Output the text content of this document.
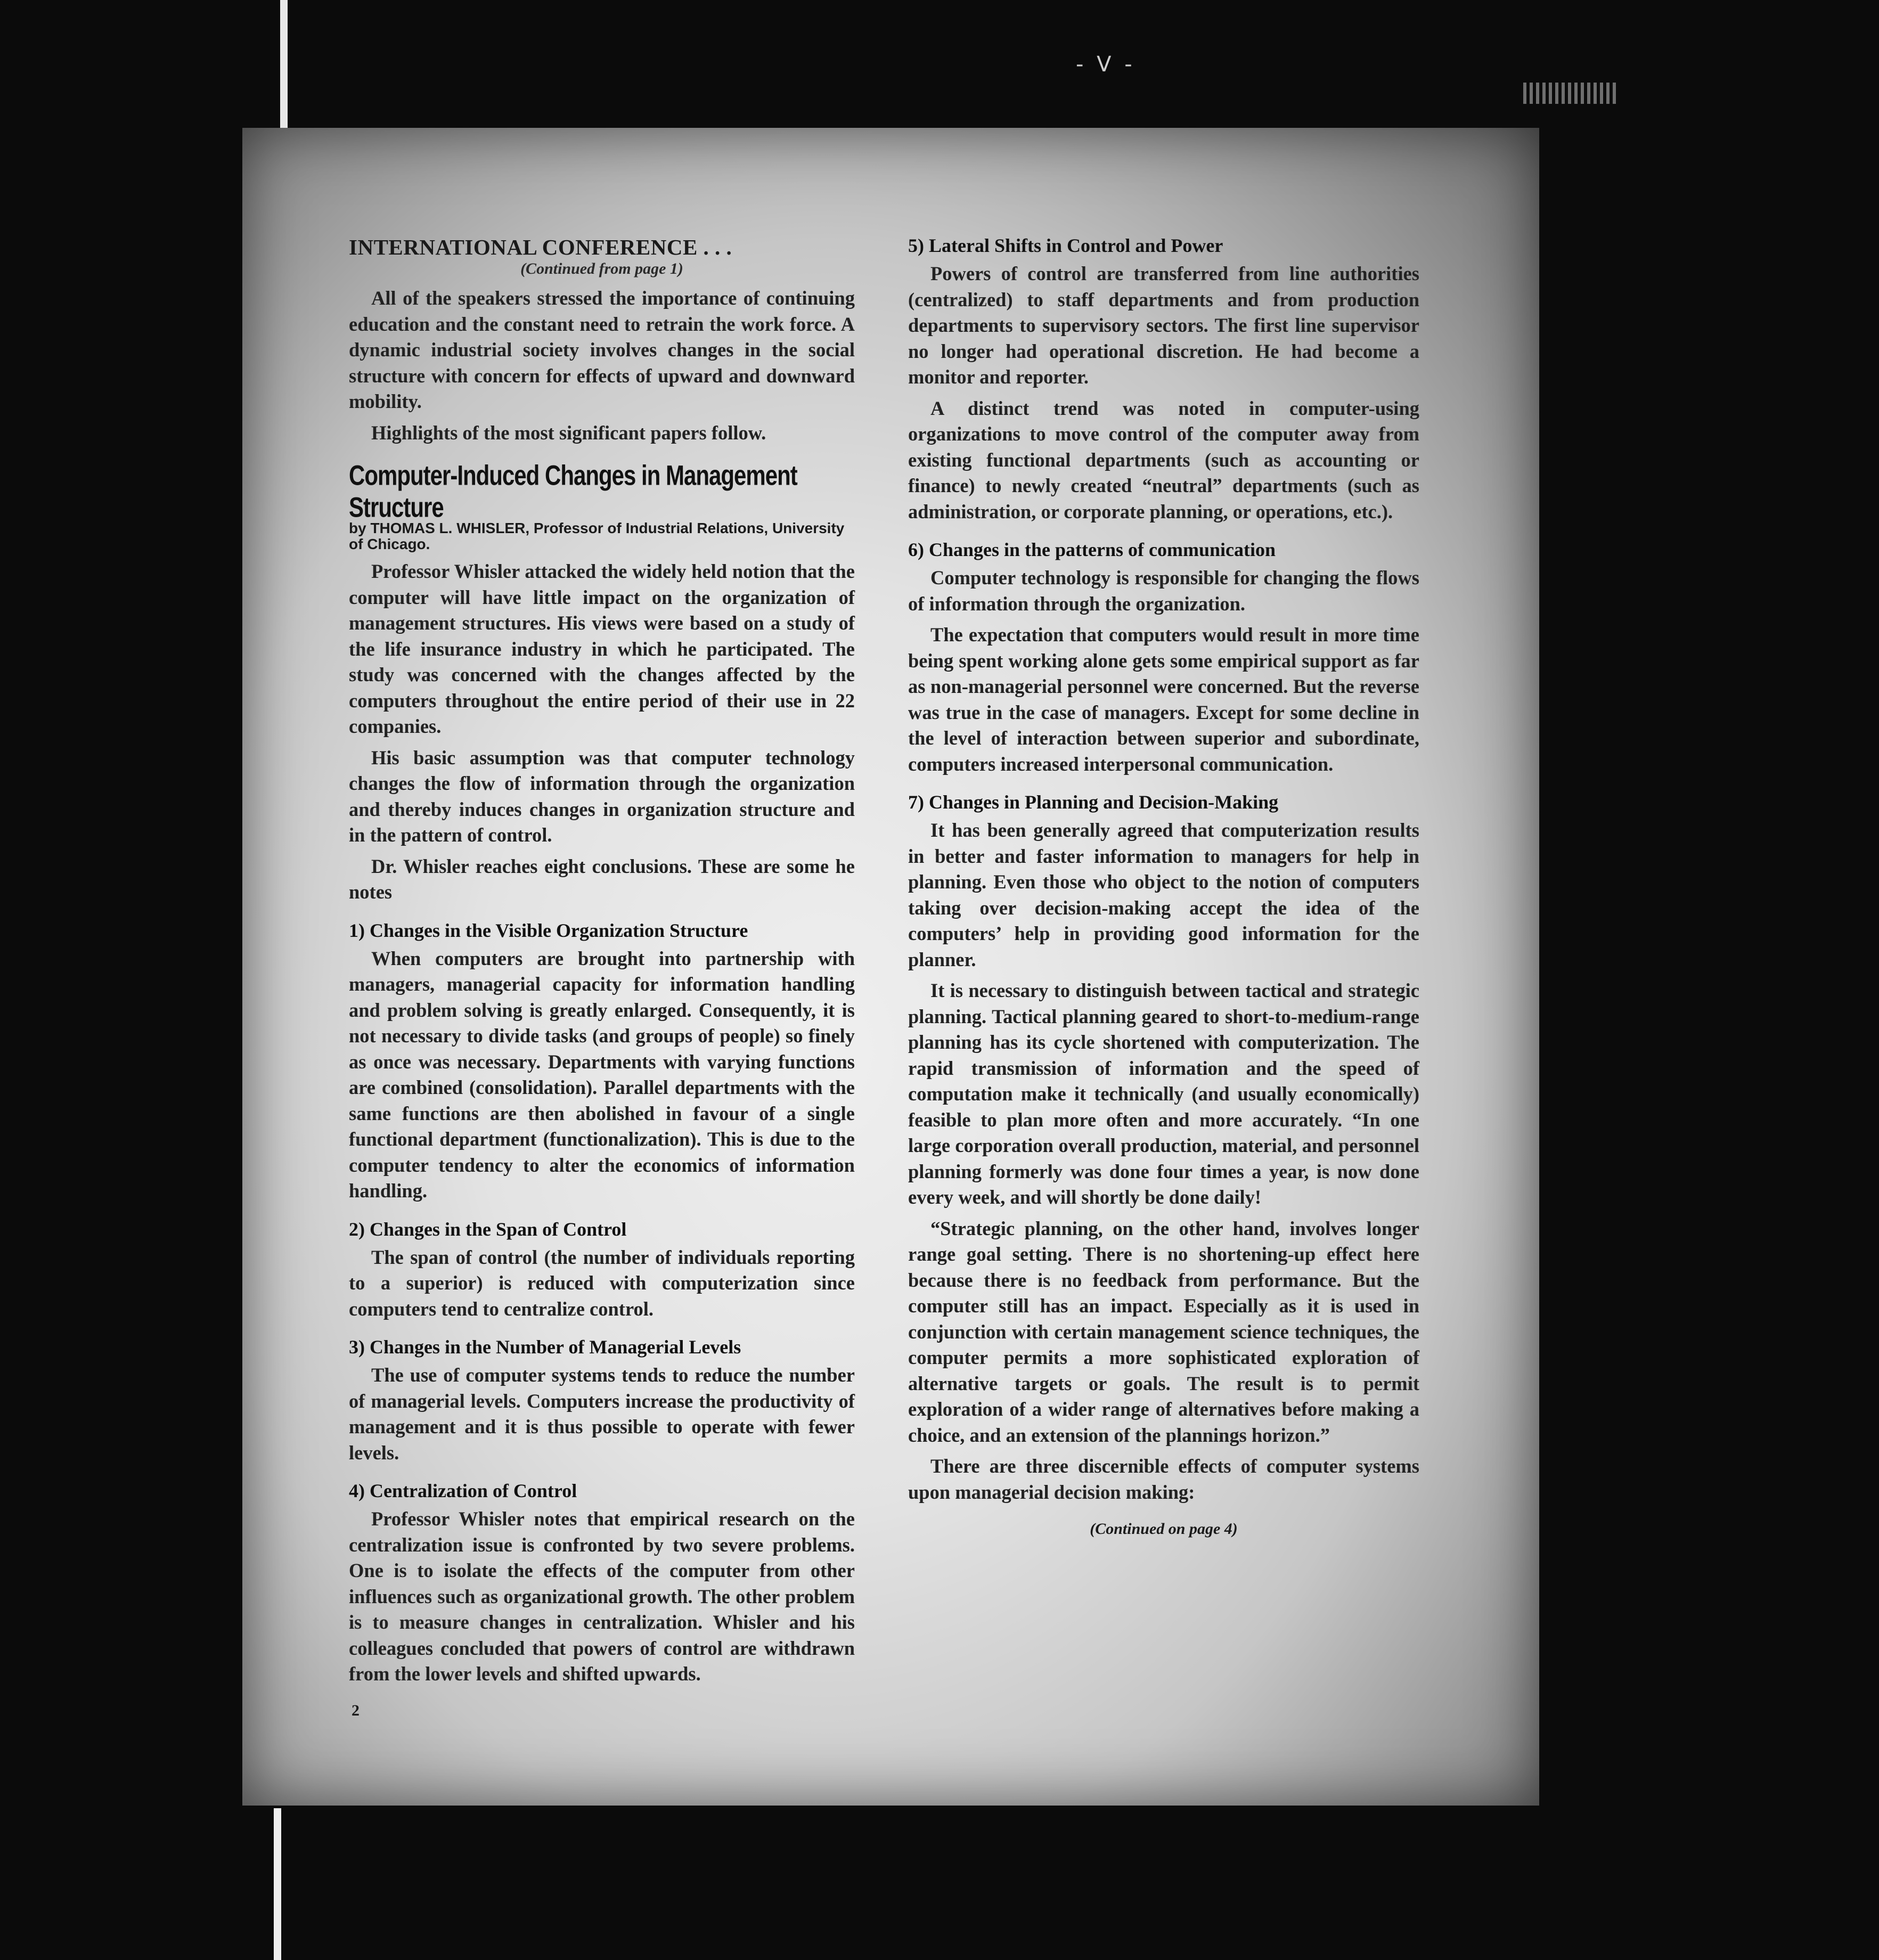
- V -

INTERNATIONAL CONFERENCE . . .

(Continued from page 1)

All of the speakers stressed the importance of continuing education and the constant need to retrain the work force. A dynamic industrial society involves changes in the social structure with concern for effects of upward and downward mobility.

Highlights of the most significant papers follow.

Computer-Induced Changes in Management Structure
by THOMAS L. WHISLER, Professor of Industrial Relations, University of Chicago.

Professor Whisler attacked the widely held notion that the computer will have little impact on the organization of management structures. His views were based on a study of the life insurance industry in which he participated. The study was concerned with the changes affected by the computers throughout the entire period of their use in 22 companies.

His basic assumption was that computer technology changes the flow of information through the organization and thereby induces changes in organization structure and in the pattern of control.

Dr. Whisler reaches eight conclusions. These are some he notes

1) Changes in the Visible Organization Structure

When computers are brought into partnership with managers, managerial capacity for information handling and problem solving is greatly enlarged. Consequently, it is not necessary to divide tasks (and groups of people) so finely as once was necessary. Departments with varying functions are combined (consolidation). Parallel departments with the same functions are then abolished in favour of a single functional department (functionalization). This is due to the computer tendency to alter the economics of information handling.

2) Changes in the Span of Control

The span of control (the number of individuals reporting to a superior) is reduced with computerization since computers tend to centralize control.

3) Changes in the Number of Managerial Levels

The use of computer systems tends to reduce the number of managerial levels. Computers increase the productivity of management and it is thus possible to operate with fewer levels.

4) Centralization of Control

Professor Whisler notes that empirical research on the centralization issue is confronted by two severe problems. One is to isolate the effects of the computer from other influences such as organizational growth. The other problem is to measure changes in centralization. Whisler and his colleagues concluded that powers of control are withdrawn from the lower levels and shifted upwards.

5) Lateral Shifts in Control and Power

Powers of control are transferred from line authorities (centralized) to staff departments and from production departments to supervisory sectors. The first line supervisor no longer had operational discretion. He had become a monitor and reporter.

A distinct trend was noted in computer-using organizations to move control of the computer away from existing functional departments (such as accounting or finance) to newly created “neutral” departments (such as administration, or corporate planning, or operations, etc.).

6) Changes in the patterns of communication

Computer technology is responsible for changing the flows of information through the organization.

The expectation that computers would result in more time being spent working alone gets some empirical support as far as non-managerial personnel were concerned. But the reverse was true in the case of managers. Except for some decline in the level of interaction between superior and subordinate, computers increased interpersonal communication.

7) Changes in Planning and Decision-Making

It has been generally agreed that computerization results in better and faster information to managers for help in planning. Even those who object to the notion of computers taking over decision-making accept the idea of the computers’ help in providing good information for the planner.

It is necessary to distinguish between tactical and strategic planning. Tactical planning geared to short-to-medium-range planning has its cycle shortened with computerization. The rapid transmission of information and the speed of computation make it technically (and usually economically) feasible to plan more often and more accurately. “In one large corporation overall production, material, and personnel planning formerly was done four times a year, is now done every week, and will shortly be done daily!

“Strategic planning, on the other hand, involves longer range goal setting. There is no shortening-up effect here because there is no feedback from performance. But the computer still has an impact. Especially as it is used in conjunction with certain management science techniques, the computer permits a more sophisticated exploration of alternative targets or goals. The result is to permit exploration of a wider range of alternatives before making a choice, and an extension of the plannings horizon.”

There are three discernible effects of computer systems upon managerial decision making:

(Continued on page 4)
2
